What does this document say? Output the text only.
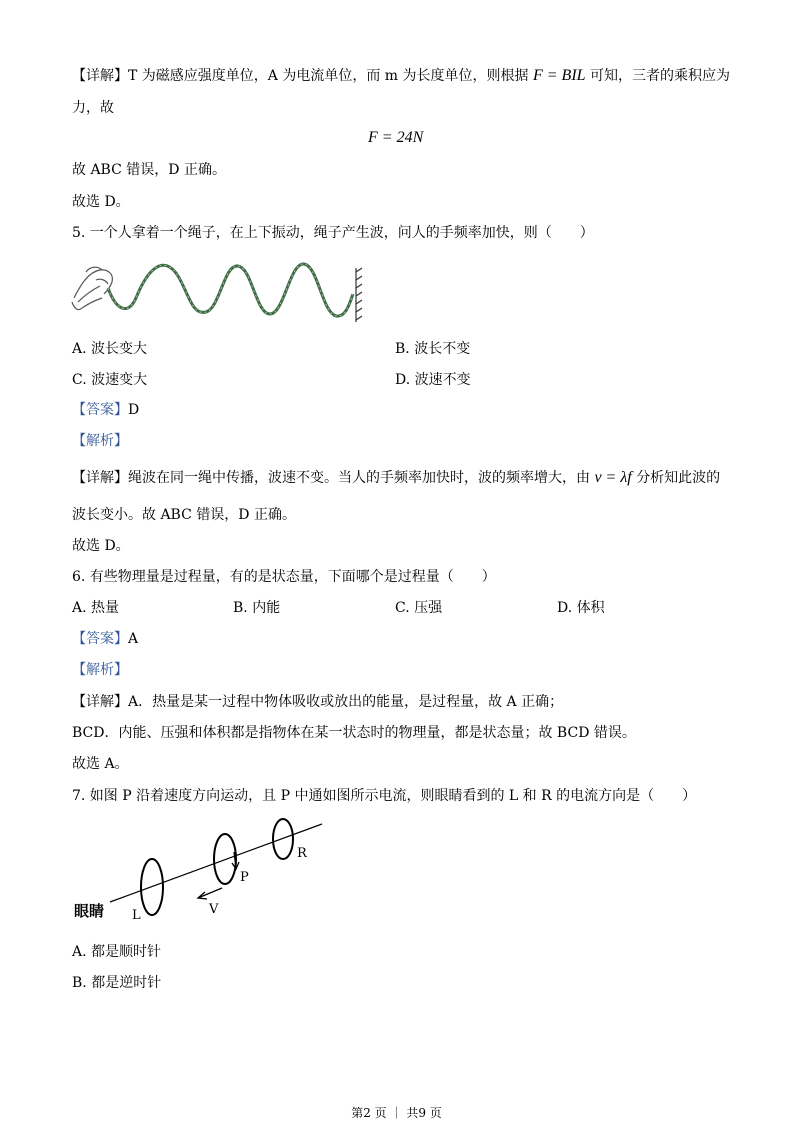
【详解】T 为磁感应强度单位，A 为电流单位，而 m 为长度单位，则根据 F = BIL 可知，三者的乘积应为
力，故
F = 24N
故 ABC 错误，D 正确。
故选 D。
5. 一个人拿着一个绳子，在上下振动，绳子产生波，问人的手频率加快，则（　　）
A. 波长变大	B. 波长不变
C. 波速变大	D. 波速不变
【答案】D
【解析】
【详解】绳波在同一绳中传播，波速不变。当人的手频率加快时，波的频率增大，由 v = λf 分析知此波的
波长变小。故 ABC 错误，D 正确。
故选 D。
6. 有些物理量是过程量，有的是状态量，下面哪个是过程量（　　）
A. 热量	B. 内能	C. 压强	D. 体积
【答案】A
【解析】
【详解】A．热量是某一过程中物体吸收或放出的能量，是过程量，故 A 正确；
BCD．内能、压强和体积都是指物体在某一状态时的物理量，都是状态量；故 BCD 错误。
故选 A。
7. 如图 P 沿着速度方向运动，且 P 中通如图所示电流，则眼睛看到的 L 和 R 的电流方向是（　　）
眼睛 L
P
R
V
A. 都是顺时针
B. 都是逆时针
第2 页 ｜ 共9 页
